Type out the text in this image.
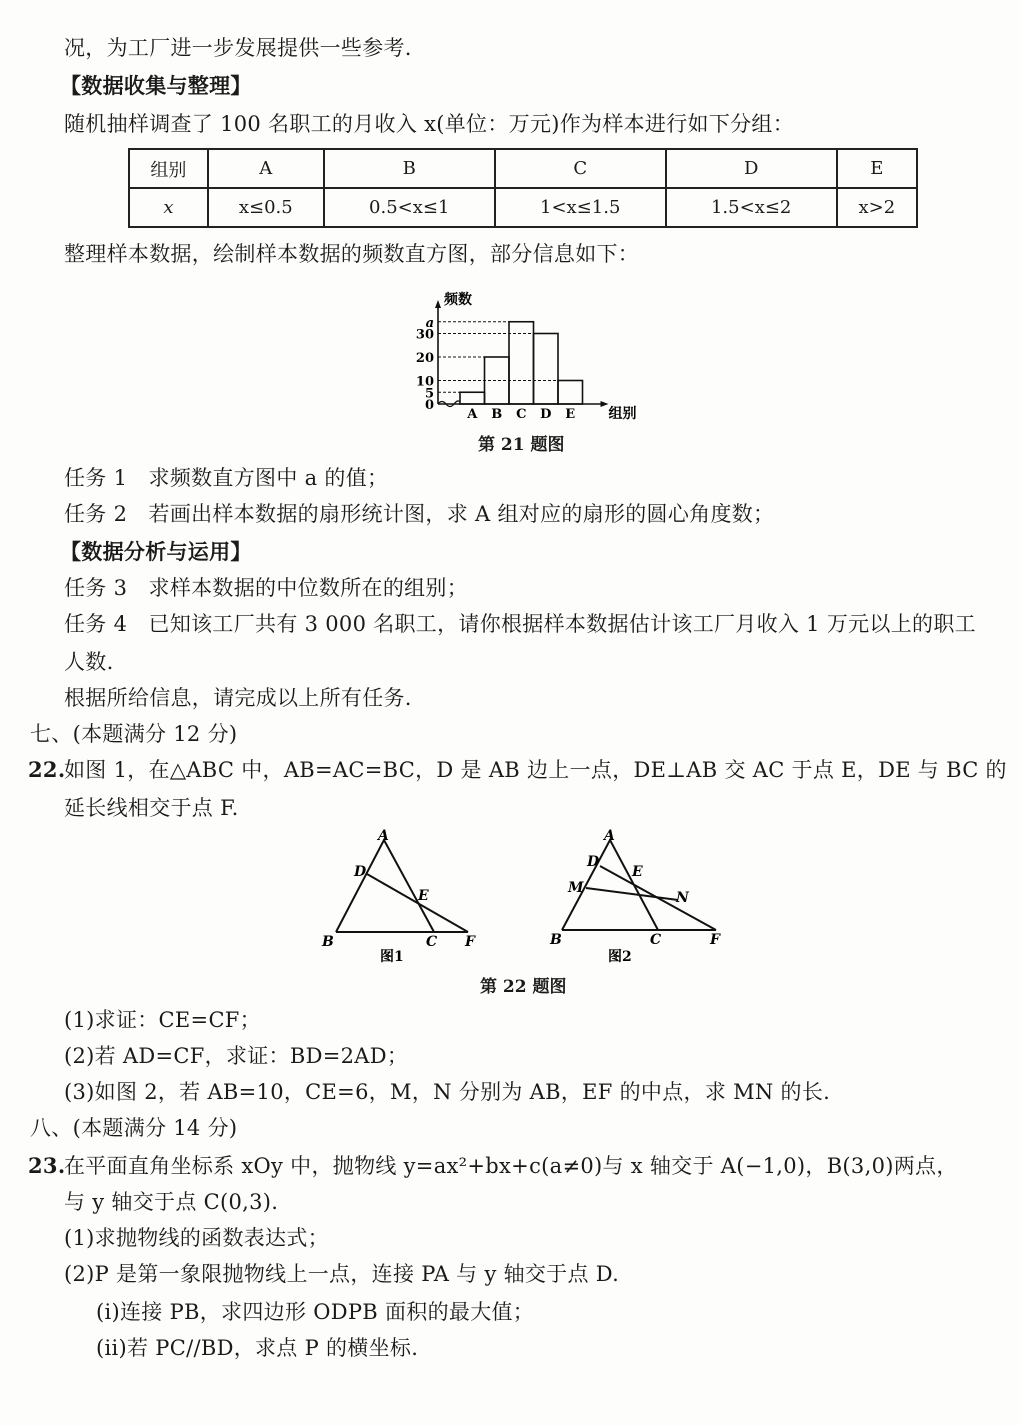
况，为工厂进一步发展提供一些参考.
【数据收集与整理】
随机抽样调查了 100 名职工的月收入 x(单位：万元)作为样本进行如下分组：
组别	A	B	C	D	E
x	x≤0.5	0.5<x≤1	1<x≤1.5	1.5<x≤2	x>2
整理样本数据，绘制样本数据的频数直方图，部分信息如下：
频数
组别
5
A
20
B
a
C
30
D
10
E
0
第 21 题图
任务 1　求频数直方图中 a 的值；
任务 2　若画出样本数据的扇形统计图，求 A 组对应的扇形的圆心角度数；
【数据分析与运用】
任务 3　求样本数据的中位数所在的组别；
任务 4　已知该工厂共有 3 000 名职工，请你根据样本数据估计该工厂月收入 1 万元以上的职工
人数.
根据所给信息，请完成以上所有任务.
七、(本题满分 12 分)
22.
如图 1，在△ABC 中，AB=AC=BC，D 是 AB 边上一点，DE⊥AB 交 AC 于点 E，DE 与 BC 的
延长线相交于点 F.
A
D
E
B	C F
图1
A
D
E
M
N
B	C	F
图2
第 22 题图
(1)求证：CE=CF；
(2)若 AD=CF，求证：BD=2AD；
(3)如图 2，若 AB=10，CE=6，M，N 分别为 AB，EF 的中点，求 MN 的长.
八、(本题满分 14 分)
23.
在平面直角坐标系 xOy 中，抛物线 y=ax²+bx+c(a≠0)与 x 轴交于 A(−1,0)，B(3,0)两点，
与 y 轴交于点 C(0,3).
(1)求抛物线的函数表达式；
(2)P 是第一象限抛物线上一点，连接 PA 与 y 轴交于点 D.
(i)连接 PB，求四边形 ODPB 面积的最大值；
(ii)若 PC//BD，求点 P 的横坐标.
